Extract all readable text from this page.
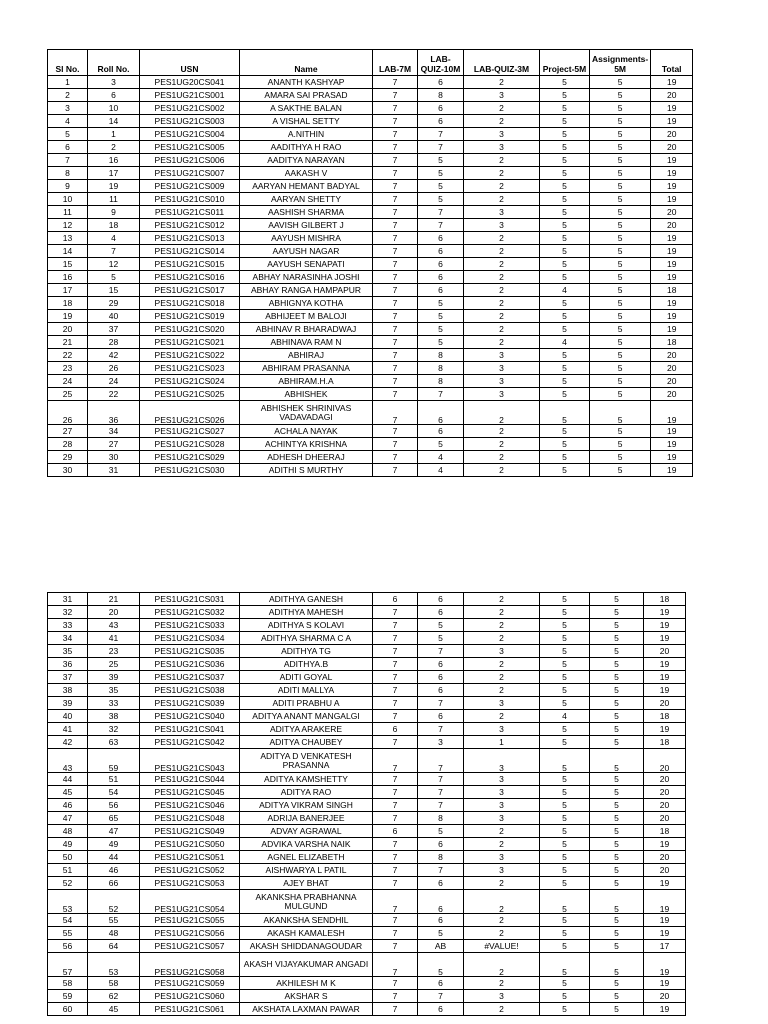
Sl No.	Roll No.	USN	Name	LAB-7M	LAB-QUIZ-10M	LAB-QUIZ-3M	Project-5M	Assignments-5M	Total
1	3	PES1UG20CS041	ANANTH KASHYAP	7	6	2	5	5	19
2	6	PES1UG21CS001	AMARA SAI PRASAD	7	8	3	5	5	20
3	10	PES1UG21CS002	A SAKTHE BALAN	7	6	2	5	5	19
4	14	PES1UG21CS003	A VISHAL SETTY	7	6	2	5	5	19
5	1	PES1UG21CS004	A.NITHIN	7	7	3	5	5	20
6	2	PES1UG21CS005	AADITHYA H RAO	7	7	3	5	5	20
7	16	PES1UG21CS006	AADITYA NARAYAN	7	5	2	5	5	19
8	17	PES1UG21CS007	AAKASH V	7	5	2	5	5	19
9	19	PES1UG21CS009	AARYAN HEMANT BADYAL	7	5	2	5	5	19
10	11	PES1UG21CS010	AARYAN SHETTY	7	5	2	5	5	19
11	9	PES1UG21CS011	AASHISH SHARMA	7	7	3	5	5	20
12	18	PES1UG21CS012	AAVISH GILBERT J	7	7	3	5	5	20
13	4	PES1UG21CS013	AAYUSH MISHRA	7	6	2	5	5	19
14	7	PES1UG21CS014	AAYUSH NAGAR	7	6	2	5	5	19
15	12	PES1UG21CS015	AAYUSH SENAPATI	7	6	2	5	5	19
16	5	PES1UG21CS016	ABHAY NARASINHA JOSHI	7	6	2	5	5	19
17	15	PES1UG21CS017	ABHAY RANGA HAMPAPUR	7	6	2	4	5	18
18	29	PES1UG21CS018	ABHIGNYA KOTHA	7	5	2	5	5	19
19	40	PES1UG21CS019	ABHIJEET M BALOJI	7	5	2	5	5	19
20	37	PES1UG21CS020	ABHINAV R BHARADWAJ	7	5	2	5	5	19
21	28	PES1UG21CS021	ABHINAVA RAM N	7	5	2	4	5	18
22	42	PES1UG21CS022	ABHIRAJ	7	8	3	5	5	20
23	26	PES1UG21CS023	ABHIRAM PRASANNA	7	8	3	5	5	20
24	24	PES1UG21CS024	ABHIRAM.H.A	7	8	3	5	5	20
25	22	PES1UG21CS025	ABHISHEK	7	7	3	5	5	20
26	36	PES1UG21CS026	ABHISHEK SHRINIVAS VADAVADAGI	7	6	2	5	5	19
27	34	PES1UG21CS027	ACHALA NAYAK	7	6	2	5	5	19
28	27	PES1UG21CS028	ACHINTYA KRISHNA	7	5	2	5	5	19
29	30	PES1UG21CS029	ADHESH DHEERAJ	7	4	2	5	5	19
30	31	PES1UG21CS030	ADITHI S MURTHY	7	4	2	5	5	19
31	21	PES1UG21CS031	ADITHYA GANESH	6	6	2	5	5	18
32	20	PES1UG21CS032	ADITHYA MAHESH	7	6	2	5	5	19
33	43	PES1UG21CS033	ADITHYA S KOLAVI	7	5	2	5	5	19
34	41	PES1UG21CS034	ADITHYA SHARMA C A	7	5	2	5	5	19
35	23	PES1UG21CS035	ADITHYA TG	7	7	3	5	5	20
36	25	PES1UG21CS036	ADITHYA.B	7	6	2	5	5	19
37	39	PES1UG21CS037	ADITI GOYAL	7	6	2	5	5	19
38	35	PES1UG21CS038	ADITI MALLYA	7	6	2	5	5	19
39	33	PES1UG21CS039	ADITI PRABHU A	7	7	3	5	5	20
40	38	PES1UG21CS040	ADITYA ANANT MANGALGI	7	6	2	4	5	18
41	32	PES1UG21CS041	ADITYA ARAKERE	6	7	3	5	5	19
42	63	PES1UG21CS042	ADITYA CHAUBEY	7	3	1	5	5	18
43	59	PES1UG21CS043	ADITYA D VENKATESH PRASANNA	7	7	3	5	5	20
44	51	PES1UG21CS044	ADITYA KAMSHETTY	7	7	3	5	5	20
45	54	PES1UG21CS045	ADITYA RAO	7	7	3	5	5	20
46	56	PES1UG21CS046	ADITYA VIKRAM SINGH	7	7	3	5	5	20
47	65	PES1UG21CS048	ADRIJA BANERJEE	7	8	3	5	5	20
48	47	PES1UG21CS049	ADVAY AGRAWAL	6	5	2	5	5	18
49	49	PES1UG21CS050	ADVIKA VARSHA NAIK	7	6	2	5	5	19
50	44	PES1UG21CS051	AGNEL ELIZABETH	7	8	3	5	5	20
51	46	PES1UG21CS052	AISHWARYA L PATIL	7	7	3	5	5	20
52	66	PES1UG21CS053	AJEY BHAT	7	6	2	5	5	19
53	52	PES1UG21CS054	AKANKSHA PRABHANNA MULGUND	7	6	2	5	5	19
54	55	PES1UG21CS055	AKANKSHA SENDHIL	7	6	2	5	5	19
55	48	PES1UG21CS056	AKASH KAMALESH	7	5	2	5	5	19
56	64	PES1UG21CS057	AKASH SHIDDANAGOUDAR	7	AB	#VALUE!	5	5	17
57	53	PES1UG21CS058	AKASH VIJAYAKUMAR ANGADI	7	5	2	5	5	19
58	58	PES1UG21CS059	AKHILESH M K	7	6	2	5	5	19
59	62	PES1UG21CS060	AKSHAR S	7	7	3	5	5	20
60	45	PES1UG21CS061	AKSHATA LAXMAN PAWAR	7	6	2	5	5	19
